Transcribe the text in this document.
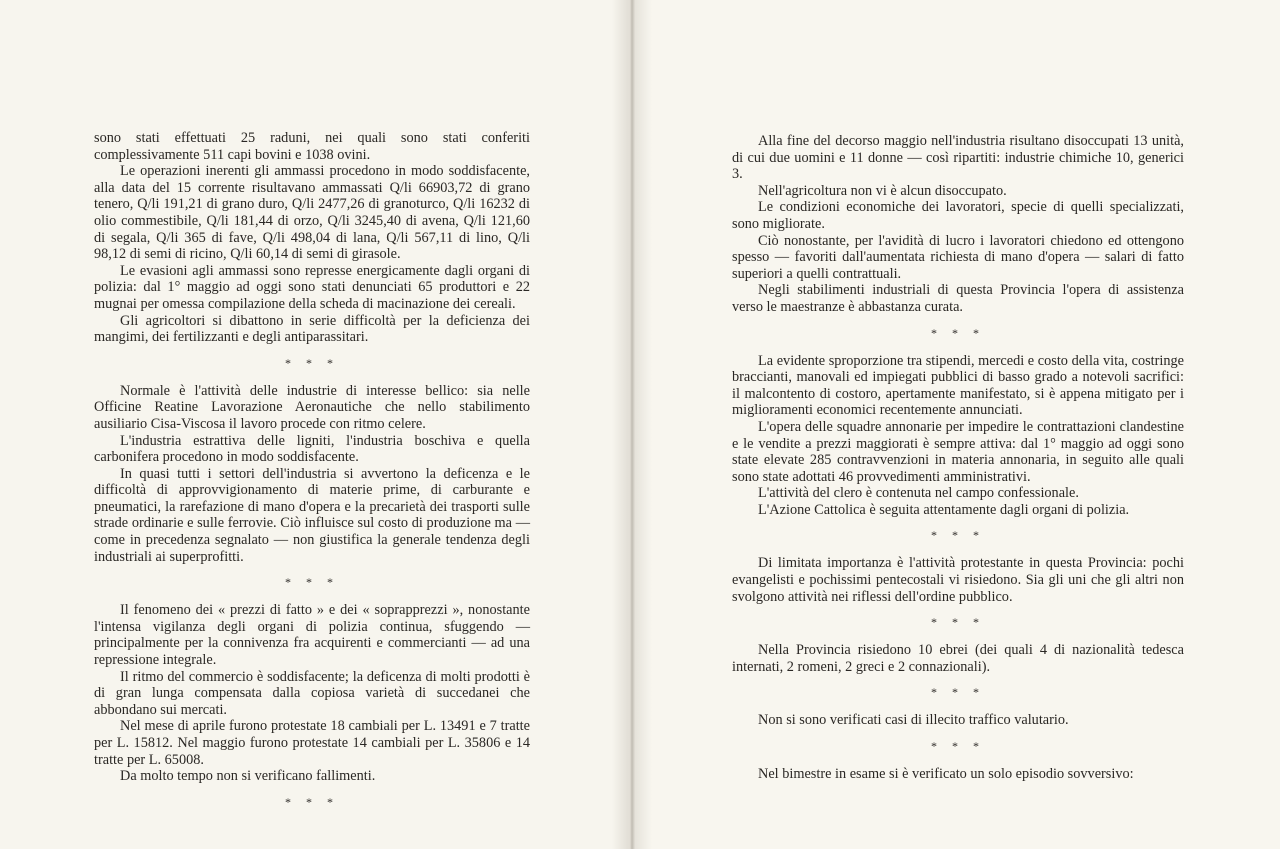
sono stati effettuati 25 raduni, nei quali sono stati conferiti complessivamente 511 capi bovini e 1038 ovini.

Le operazioni inerenti gli ammassi procedono in modo soddisfacente, alla data del 15 corrente risultavano ammassati Q/li 66903,72 di grano tenero, Q/li 191,21 di grano duro, Q/li 2477,26 di granoturco, Q/li 16232 di olio commestibile, Q/li 181,44 di orzo, Q/li 3245,40 di avena, Q/li 121,60 di segala, Q/li 365 di fave, Q/li 498,04 di lana, Q/li 567,11 di lino, Q/li 98,12 di semi di ricino, Q/li 60,14 di semi di girasole.

Le evasioni agli ammassi sono represse energicamente dagli organi di polizia: dal 1° maggio ad oggi sono stati denunciati 65 produttori e 22 mugnai per omessa compilazione della scheda di macinazione dei cereali.

Gli agricoltori si dibattono in serie difficoltà per la deficienza dei mangimi, dei fertilizzanti e degli antiparassitari.

* * *

Normale è l'attività delle industrie di interesse bellico: sia nelle Officine Reatine Lavorazione Aeronautiche che nello stabilimento ausiliario Cisa-Viscosa il lavoro procede con ritmo celere.

L'industria estrattiva delle ligniti, l'industria boschiva e quella carbonifera procedono in modo soddisfacente.

In quasi tutti i settori dell'industria si avvertono la deficenza e le difficoltà di approvvigionamento di materie prime, di carburante e pneumatici, la rarefazione di mano d'opera e la precarietà dei trasporti sulle strade ordinarie e sulle ferrovie. Ciò influisce sul costo di produzione ma — come in precedenza segnalato — non giustifica la generale tendenza degli industriali ai superprofitti.

* * *

Il fenomeno dei « prezzi di fatto » e dei « soprapprezzi », nonostante l'intensa vigilanza degli organi di polizia continua, sfuggendo — principalmente per la connivenza fra acquirenti e commercianti — ad una repressione integrale.

Il ritmo del commercio è soddisfacente; la deficenza di molti prodotti è di gran lunga compensata dalla copiosa varietà di succedanei che abbondano sui mercati.

Nel mese di aprile furono protestate 18 cambiali per L. 13491 e 7 tratte per L. 15812. Nel maggio furono protestate 14 cambiali per L. 35806 e 14 tratte per L. 65008.

Da molto tempo non si verificano fallimenti.

* * *

Alla fine del decorso maggio nell'industria risultano disoccupati 13 unità, di cui due uomini e 11 donne — così ripartiti: industrie chimiche 10, generici 3.

Nell'agricoltura non vi è alcun disoccupato.

Le condizioni economiche dei lavoratori, specie di quelli specializzati, sono migliorate.

Ciò nonostante, per l'avidità di lucro i lavoratori chiedono ed ottengono spesso — favoriti dall'aumentata richiesta di mano d'opera — salari di fatto superiori a quelli contrattuali.

Negli stabilimenti industriali di questa Provincia l'opera di assistenza verso le maestranze è abbastanza curata.

* * *

La evidente sproporzione tra stipendi, mercedi e costo della vita, costringe braccianti, manovali ed impiegati pubblici di basso grado a notevoli sacrifici: il malcontento di costoro, apertamente manifestato, si è appena mitigato per i miglioramenti economici recentemente annunciati.

L'opera delle squadre annonarie per impedire le contrattazioni clandestine e le vendite a prezzi maggiorati è sempre attiva: dal 1° maggio ad oggi sono state elevate 285 contravvenzioni in materia annonaria, in seguito alle quali sono state adottati 46 provvedimenti amministrativi.

L'attività del clero è contenuta nel campo confessionale.

L'Azione Cattolica è seguita attentamente dagli organi di polizia.

* * *

Di limitata importanza è l'attività protestante in questa Provincia: pochi evangelisti e pochissimi pentecostali vi risiedono. Sia gli uni che gli altri non svolgono attività nei riflessi dell'ordine pubblico.

* * *

Nella Provincia risiedono 10 ebrei (dei quali 4 di nazionalità tedesca internati, 2 romeni, 2 greci e 2 connazionali).

* * *

Non si sono verificati casi di illecito traffico valutario.

* * *

Nel bimestre in esame si è verificato un solo episodio sovversivo:
